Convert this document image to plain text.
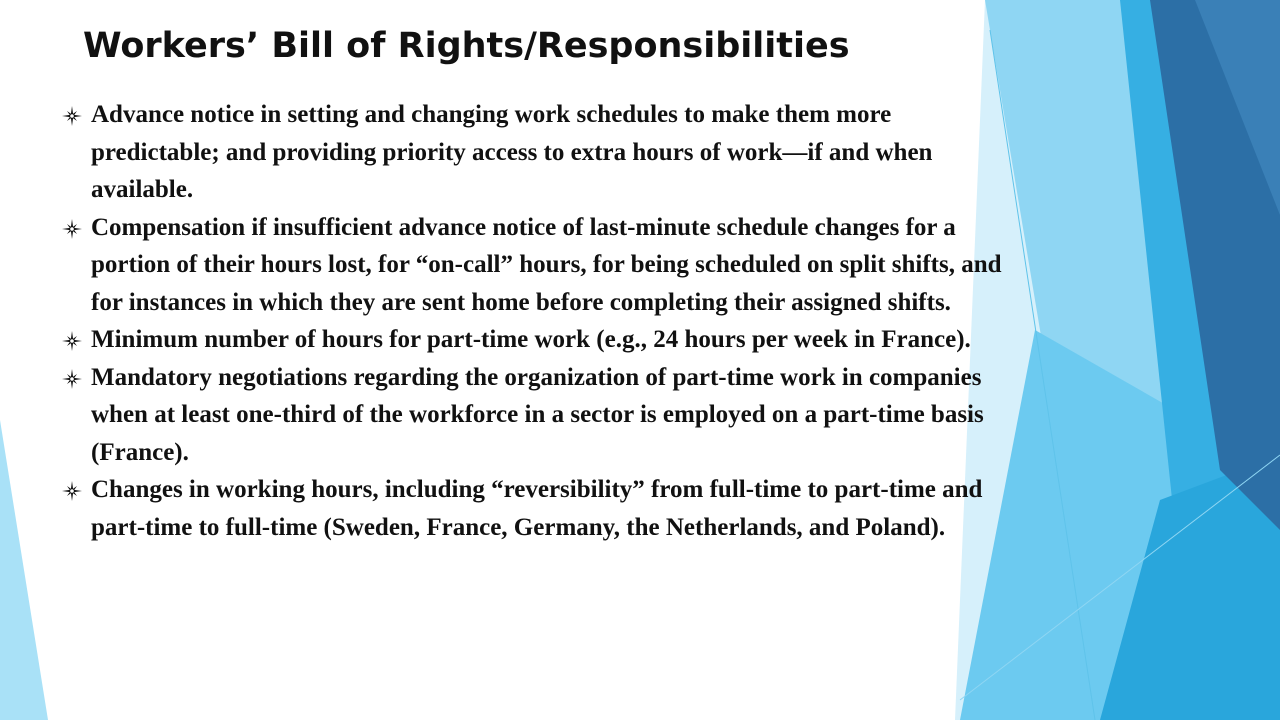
Workers’ Bill of Rights/Responsibilities
Advance notice in setting and changing work schedules to make them more predictable; and providing priority access to extra hours of work—if and when available.
Compensation if insufficient advance notice of last-minute schedule changes for a portion of their hours lost, for “on-call” hours, for being scheduled on split shifts, and for instances in which they are sent home before completing their assigned shifts.
Minimum number of hours for part-time work (e.g., 24 hours per week in France).
Mandatory negotiations regarding the organization of part-time work in companies when at least one-third of the workforce in a sector is employed on a part-time basis (France).
Changes in working hours, including “reversibility” from full-time to part-time and part-time to full-time (Sweden, France, Germany, the Netherlands, and Poland).
